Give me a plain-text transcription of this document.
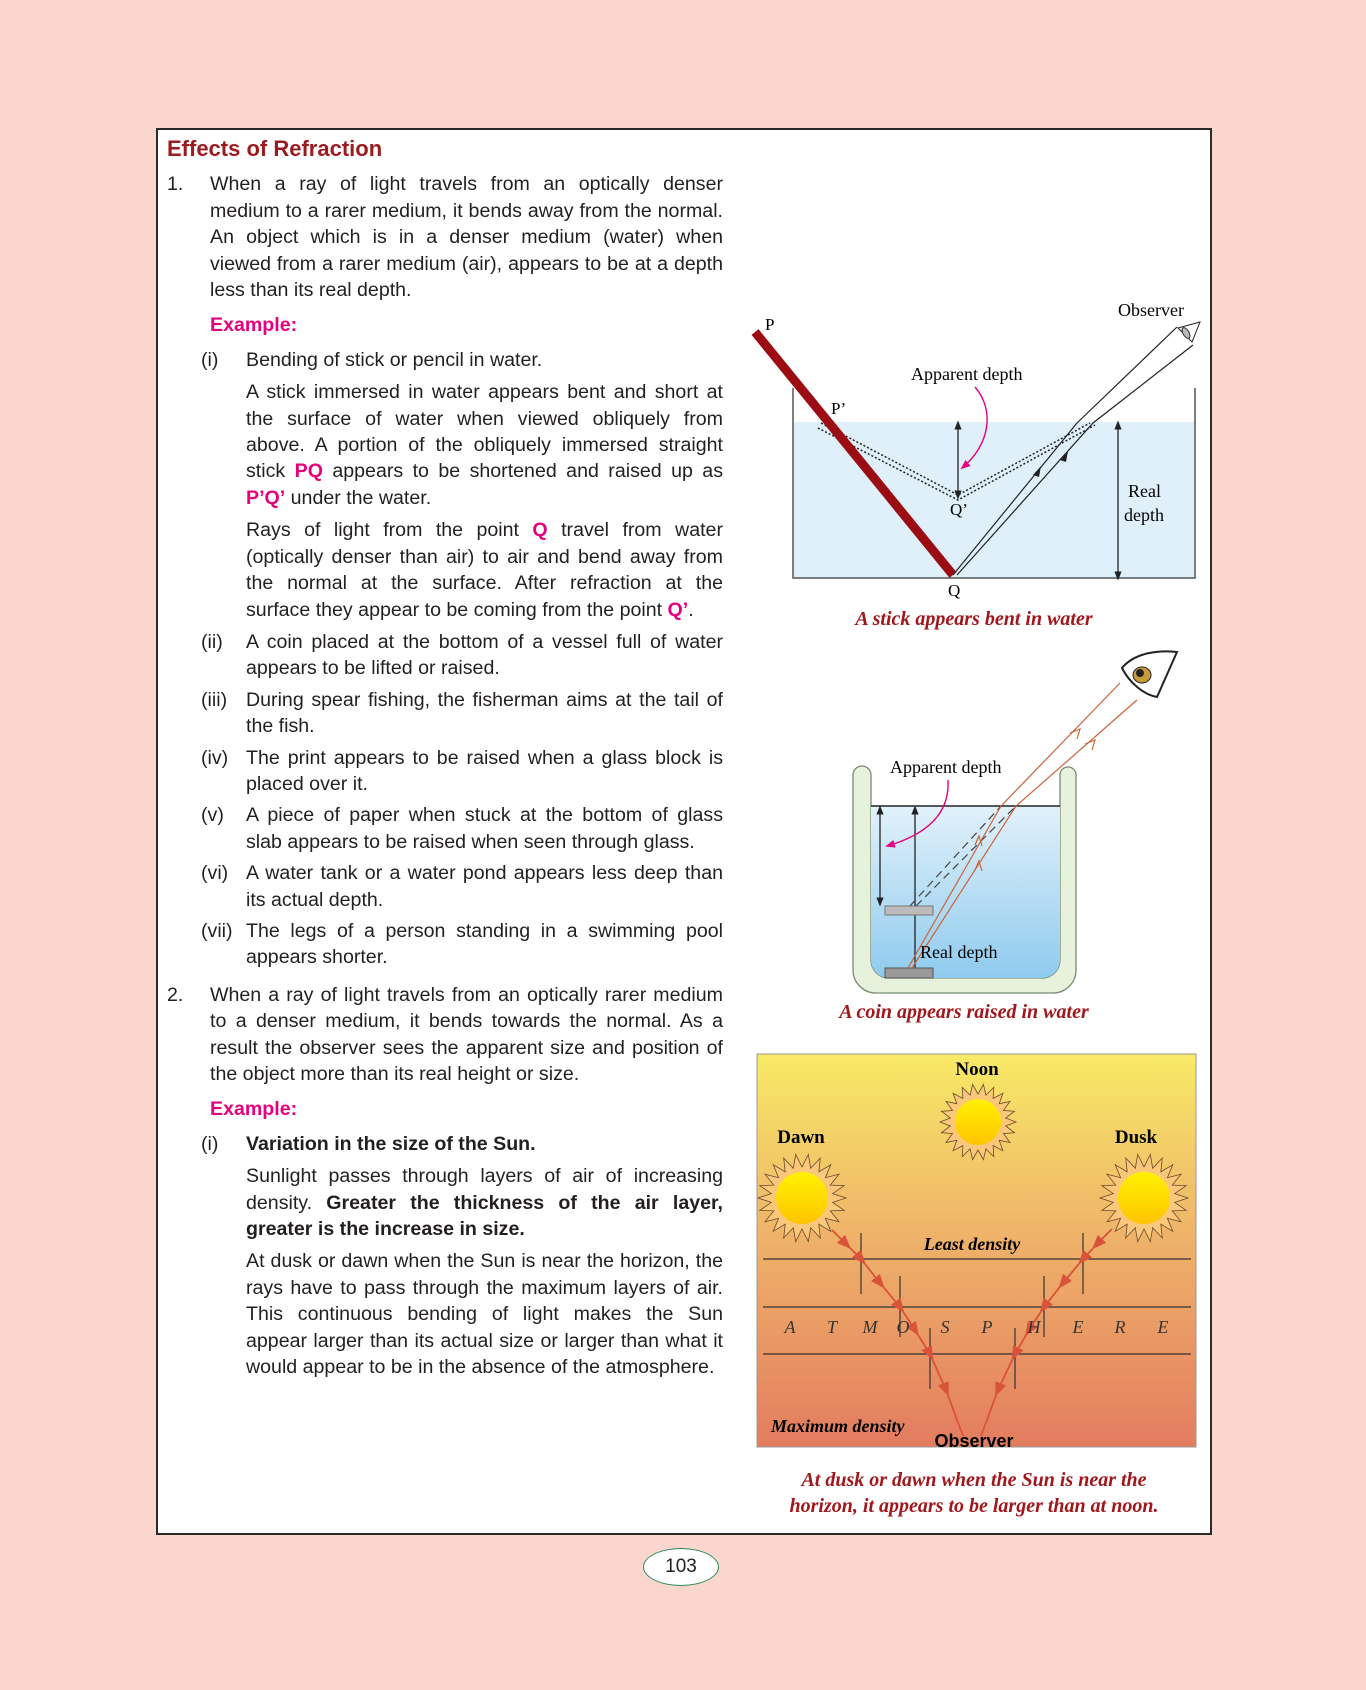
Effects of Refraction
1.	When a ray of light travels from an optically denser medium to a rarer medium, it bends away from the normal. An object which is in a denser medium (water) when viewed from a rarer medium (air), appears to be at a depth less than its real depth.
Example:
(i)	Bending of stick or pencil in water.
A stick immersed in water appears bent and short at the surface of water when viewed obliquely from above. A portion of the obliquely immersed straight stick PQ appears to be shortened and raised up as P’Q’ under the water.
Rays of light from the point Q travel from water (optically denser than air) to air and bend away from the normal at the surface. After refraction at the surface they appear to be coming from the point Q’.
(ii)	A coin placed at the bottom of a vessel full of water appears to be lifted or raised.
(iii) During spear fishing, the fisherman aims at the tail of the fish.
(iv) The print appears to be raised when a glass block is placed over it.
(v)	A piece of paper when stuck at the bottom of glass slab appears to be raised when seen through glass.
(vi) A water tank or a water pond appears less deep than its actual depth.
(vii) The legs of a person standing in a swimming pool appears shorter.
2.	When a ray of light travels from an optically rarer medium to a denser medium, it bends towards the normal. As a result the observer sees the apparent size and position of the object more than its real height or size.
Example:
(i)	Variation in the size of the Sun.
Sunlight passes through layers of air of increasing density. Greater the thickness of the air layer, greater is the increase in size.
At dusk or dawn when the Sun is near the horizon, the rays have to pass through the maximum layers of air. This continuous bending of light makes the Sun appear larger than its actual size or larger than what it would appear to be in the absence of the atmosphere.
P
P’
Q’
Q
Observer
Apparent depth
Real
depth
A stick appears bent in water
Apparent depth
Real depth
A coin appears raised in water
Noon
Dawn	Dusk
Least density
A T M O S P H E R E
Maximum density
Observer
At dusk or dawn when the Sun is near the
horizon, it appears to be larger than at noon.
103
